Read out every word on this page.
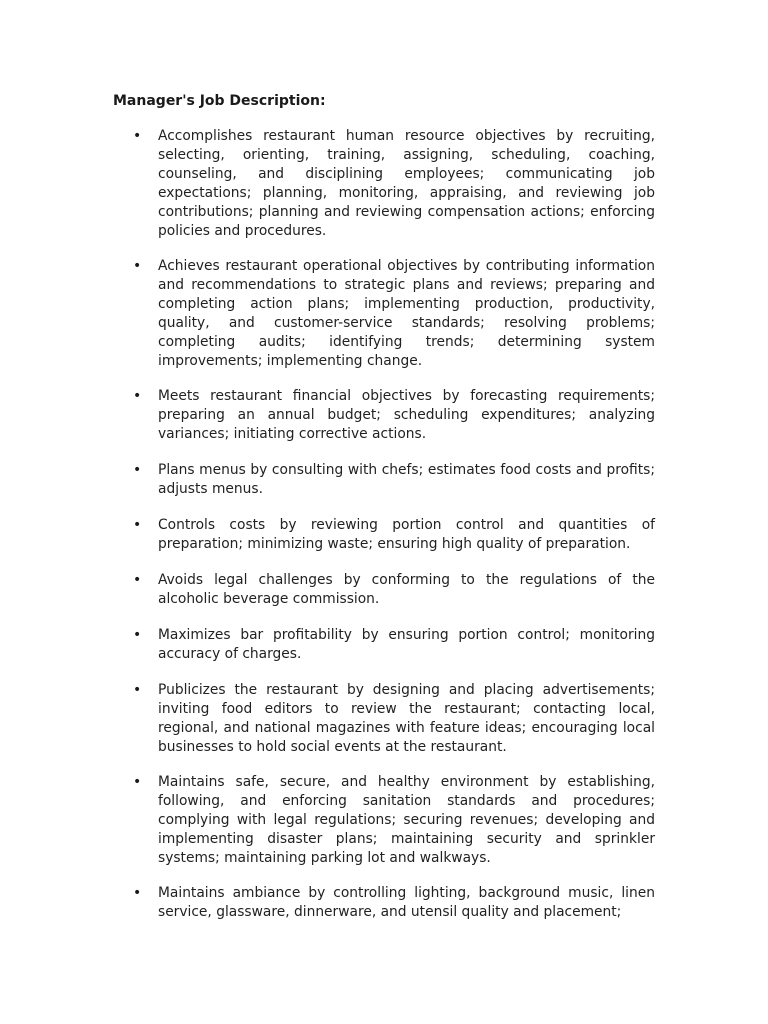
Manager's Job Description:
• Accomplishes restaurant human resource objectives by recruiting, selecting, orienting, training, assigning, scheduling, coaching, counseling, and disciplining employees; communicating job expectations; planning, monitoring, appraising, and reviewing job contributions; planning and reviewing compensation actions; enforcing policies and procedures.
• Achieves restaurant operational objectives by contributing information and recommendations to strategic plans and reviews; preparing and completing action plans; implementing production, productivity, quality, and customer-service standards; resolving problems; completing audits; identifying trends; determining system improvements; implementing change.
• Meets restaurant financial objectives by forecasting requirements; preparing an annual budget; scheduling expenditures; analyzing variances; initiating corrective actions.
• Plans menus by consulting with chefs; estimates food costs and profits; adjusts menus.
• Controls costs by reviewing portion control and quantities of preparation; minimizing waste; ensuring high quality of preparation.
• Avoids legal challenges by conforming to the regulations of the alcoholic beverage commission.
• Maximizes bar profitability by ensuring portion control; monitoring accuracy of charges.
• Publicizes the restaurant by designing and placing advertisements; inviting food editors to review the restaurant; contacting local, regional, and national magazines with feature ideas; encouraging local businesses to hold social events at the restaurant.
• Maintains safe, secure, and healthy environment by establishing, following, and enforcing sanitation standards and procedures; complying with legal regulations; securing revenues; developing and implementing disaster plans; maintaining security and sprinkler systems; maintaining parking lot and walkways.
• Maintains ambiance by controlling lighting, background music, linen service, glassware, dinnerware, and utensil quality and placement;
